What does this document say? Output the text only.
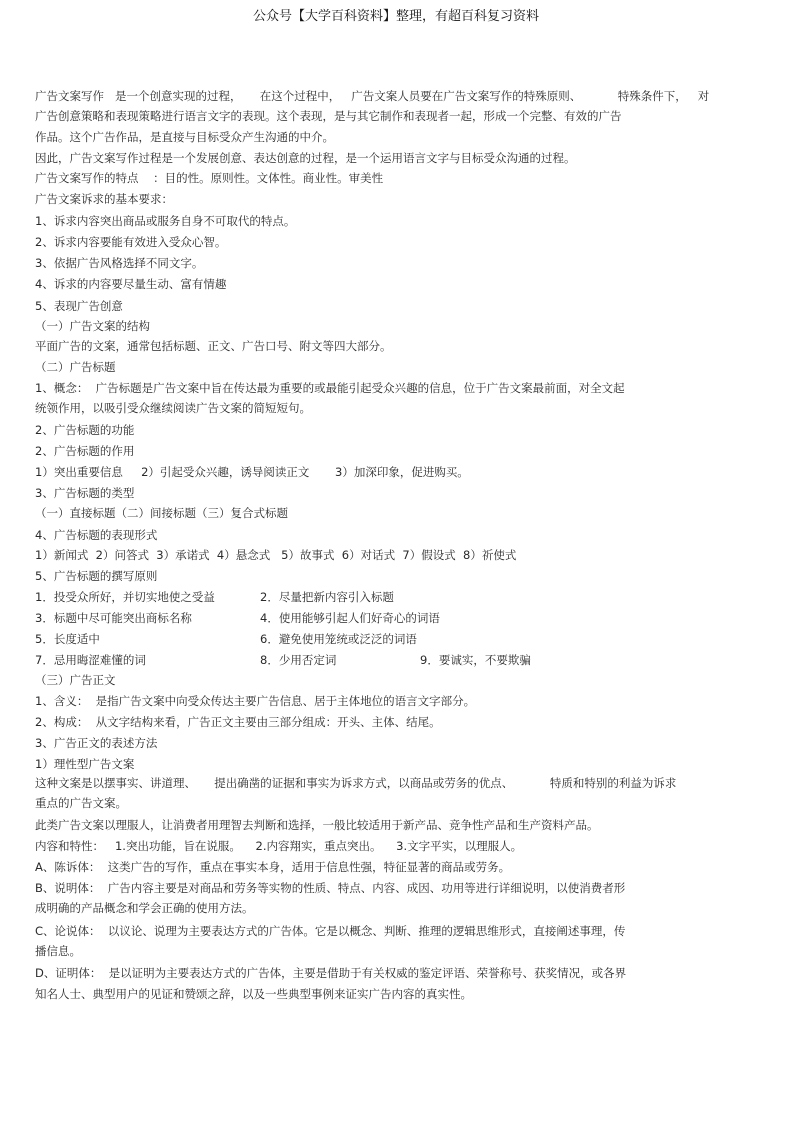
公众号【大学百科资料】整理，有超百科复习资料
广告文案写作   是一个创意实现的过程，     在这个过程中，   广告文案人员要在广告文案写作的特殊原则、          特殊条件下，   对
广告创意策略和表现策略进行语言文字的表现。这个表现，是与其它制作和表现者一起，形成一个完整、有效的广告
作品。这个广告作品，是直接与目标受众产生沟通的中介。
因此，广告文案写作过程是一个发展创意、表达创意的过程，是一个运用语言文字与目标受众沟通的过程。
广告文案写作的特点    ：目的性。原则性。文体性。商业性。审美性
广告文案诉求的基本要求：
1、诉求内容突出商品或服务自身不可取代的特点。
2、诉求内容要能有效进入受众心智。
3、依据广告风格选择不同文字。
4、诉求的内容要尽量生动、富有情趣
5、表现广告创意
（一）广告文案的结构
平面广告的文案，通常包括标题、正文、广告口号、附文等四大部分。
（二）广告标题
1、概念：  广告标题是广告文案中旨在传达最为重要的或最能引起受众兴趣的信息，位于广告文案最前面，对全文起
统领作用，以吸引受众继续阅读广告文案的简短短句。
2、广告标题的功能
2、广告标题的作用
1）突出重要信息     2）引起受众兴趣，诱导阅读正文       3）加深印象，促进购买。
3、广告标题的类型
（一）直接标题（二）间接标题（三）复合式标题
4、广告标题的表现形式
1）新闻式  2）问答式  3）承诺式  4）悬念式   5）故事式  6）对话式  7）假设式  8）祈使式
5、广告标题的撰写原则
1．投受众所好，并切实地使之受益	2．尽量把新内容引入标题
3．标题中尽可能突出商标名称	4．使用能够引起人们好奇心的词语
5．长度适中	6．避免使用笼统或泛泛的词语
7．忌用晦涩难懂的词	8．少用否定词	9．要诚实，不要欺骗
（三）广告正文
1、含义：  是指广告文案中向受众传达主要广告信息、居于主体地位的语言文字部分。
2、构成：  从文字结构来看，广告正文主要由三部分组成：开头、主体、结尾。
3、广告正文的表述方法
1）理性型广告文案
这种文案是以摆事实、讲道理、     提出确凿的证据和事实为诉求方式，以商品或劳务的优点、          特质和特别的利益为诉求
重点的广告文案。
此类广告文案以理服人，让消费者用理智去判断和选择，一般比较适用于新产品、竞争性产品和生产资料产品。
内容和特性：   1.突出功能，旨在说服。    2.内容翔实，重点突出。    3.文字平实，以理服人。
A、陈诉体：  这类广告的写作，重点在事实本身，适用于信息性强，特征显著的商品或劳务。
B、说明体：  广告内容主要是对商品和劳务等实物的性质、特点、内容、成因、功用等进行详细说明，以使消费者形
成明确的产品概念和学会正确的使用方法。
C、论说体：  以议论、说理为主要表达方式的广告体。它是以概念、判断、推理的逻辑思维形式，直接阐述事理，传
播信息。
D、证明体：  是以证明为主要表达方式的广告体，主要是借助于有关权威的鉴定评语、荣誉称号、获奖情况，或各界
知名人士、典型用户的见证和赞颂之辞，以及一些典型事例来证实广告内容的真实性。
